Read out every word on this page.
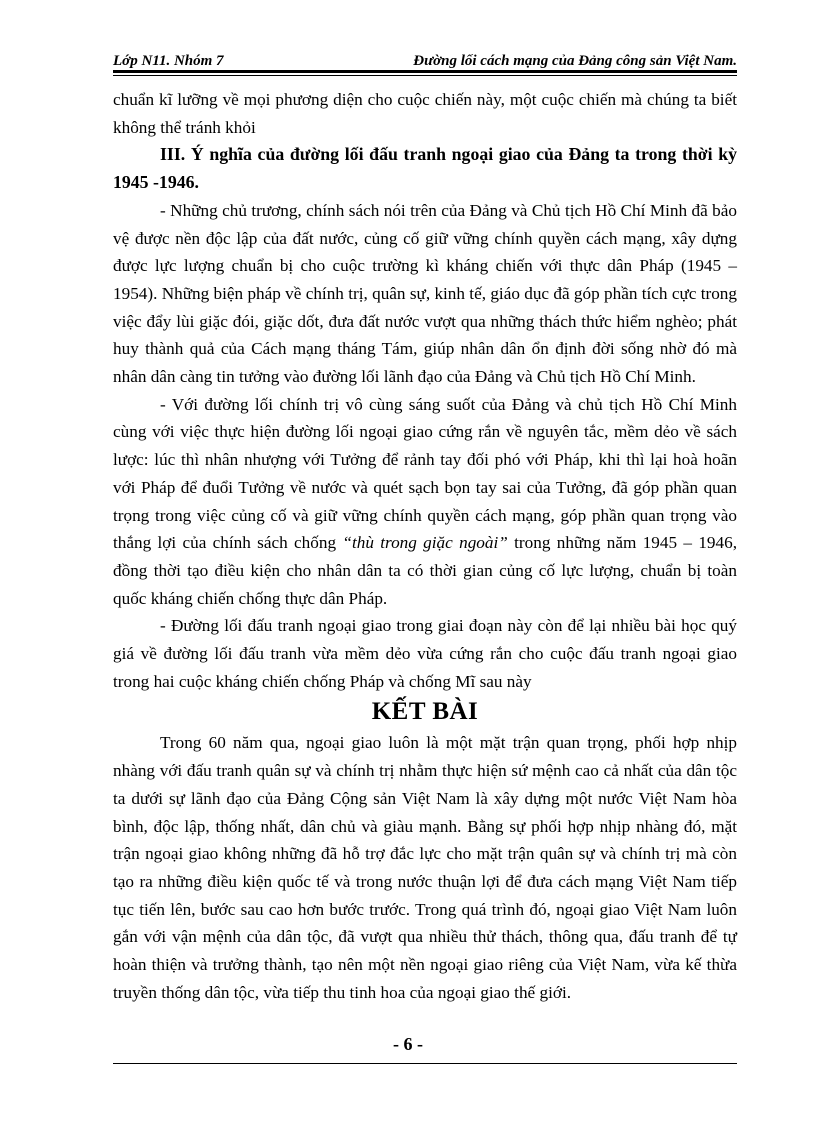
Lớp N11. Nhóm 7	Đường lối cách mạng của Đảng công sản Việt Nam.

chuẩn kĩ lưỡng về mọi phương diện cho cuộc chiến này, một cuộc chiến mà chúng ta biết không thể tránh khỏi

III. Ý nghĩa của đường lối đấu tranh ngoại giao của Đảng ta trong thời kỳ 1945 -1946.

- Những chủ trương, chính sách nói trên của Đảng và Chủ tịch Hồ Chí Minh đã bảo vệ được nền độc lập của đất nước, củng cố giữ vững chính quyền cách mạng, xây dựng được lực lượng chuẩn bị cho cuộc trường kì kháng chiến với thực dân Pháp (1945 – 1954). Những biện pháp về chính trị, quân sự, kinh tế, giáo dục đã góp phần tích cực trong việc đẩy lùi giặc đói, giặc dốt, đưa đất nước vượt qua những thách thức hiểm nghèo; phát huy thành quả của Cách mạng tháng Tám, giúp nhân dân ổn định đời sống nhờ đó mà nhân dân càng tin tưởng vào đường lối lãnh đạo của Đảng và Chủ tịch Hồ Chí Minh.

- Với đường lối chính trị vô cùng sáng suốt của Đảng và chủ tịch Hồ Chí Minh cùng với việc thực hiện đường lối ngoại giao cứng rắn về nguyên tắc, mềm dẻo về sách lược: lúc thì nhân nhượng với Tưởng để rảnh tay đối phó với Pháp, khi thì lại hoà hoãn với Pháp để đuổi Tưởng về nước và quét sạch bọn tay sai của Tưởng, đã góp phần quan trọng trong việc củng cố và giữ vững chính quyền cách mạng, góp phần quan trọng vào thắng lợi của chính sách chống “thù trong giặc ngoài” trong những năm 1945 – 1946, đồng thời tạo điều kiện cho nhân dân ta có thời gian củng cố lực lượng, chuẩn bị toàn quốc kháng chiến chống thực dân Pháp.

- Đường lối đấu tranh ngoại giao trong giai đoạn này còn để lại nhiều bài học quý giá về đường lối đấu tranh vừa mềm dẻo vừa cứng rắn cho cuộc đấu tranh ngoại giao trong hai cuộc kháng chiến chống Pháp và chống Mĩ sau này

KẾT BÀI

Trong 60 năm qua, ngoại giao luôn là một mặt trận quan trọng, phối hợp nhịp nhàng với đấu tranh quân sự và chính trị nhằm thực hiện sứ mệnh cao cả nhất của dân tộc ta dưới sự lãnh đạo của Đảng Cộng sản Việt Nam là xây dựng một nước Việt Nam hòa bình, độc lập, thống nhất, dân chủ và giàu mạnh. Bằng sự phối hợp nhịp nhàng đó, mặt trận ngoại giao không những đã hỗ trợ đắc lực cho mặt trận quân sự và chính trị mà còn tạo ra những điều kiện quốc tế và trong nước thuận lợi để đưa cách mạng Việt Nam tiếp tục tiến lên, bước sau cao hơn bước trước. Trong quá trình đó, ngoại giao Việt Nam luôn gắn với vận mệnh của dân tộc, đã vượt qua nhiều thử thách, thông qua, đấu tranh để tự hoàn thiện và trưởng thành, tạo nên một nền ngoại giao riêng của Việt Nam, vừa kế thừa truyền thống dân tộc, vừa tiếp thu tinh hoa của ngoại giao thế giới.

- 6 -
